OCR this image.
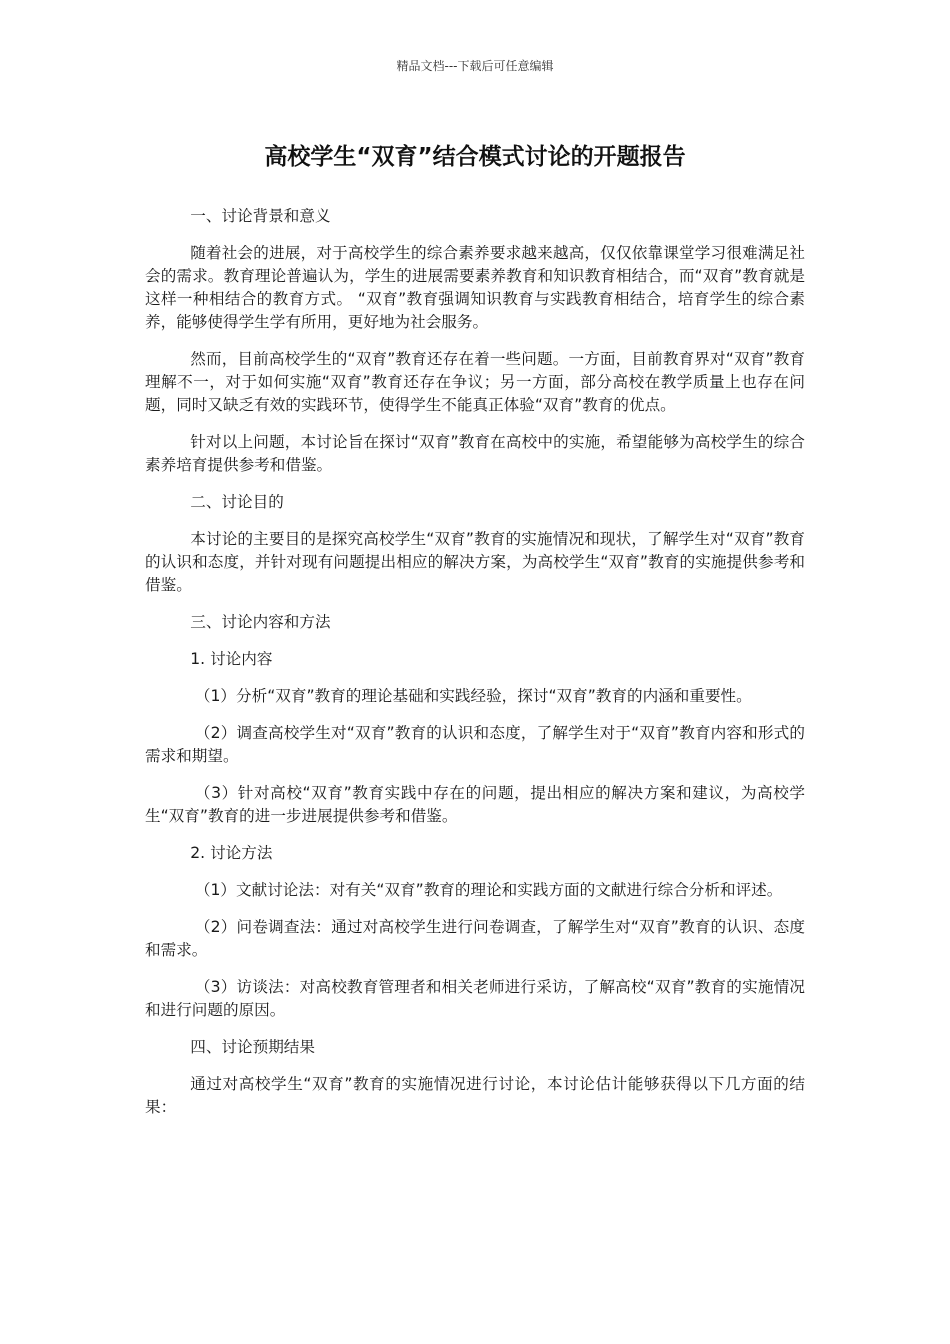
精品文档---下载后可任意编辑
高校学生“双育”结合模式讨论的开题报告

一、讨论背景和意义

随着社会的进展，对于高校学生的综合素养要求越来越高，仅仅依靠课堂学习很难满足社会的需求。教育理论普遍认为，学生的进展需要素养教育和知识教育相结合，而“双育”教育就是这样一种相结合的教育方式。 “双育”教育强调知识教育与实践教育相结合，培育学生的综合素养，能够使得学生学有所用，更好地为社会服务。

然而，目前高校学生的“双育”教育还存在着一些问题。一方面，目前教育界对“双育”教育理解不一，对于如何实施“双育”教育还存在争议；另一方面，部分高校在教学质量上也存在问题，同时又缺乏有效的实践环节，使得学生不能真正体验“双育”教育的优点。

针对以上问题，本讨论旨在探讨“双育”教育在高校中的实施，希望能够为高校学生的综合素养培育提供参考和借鉴。

二、讨论目的

本讨论的主要目的是探究高校学生“双育”教育的实施情况和现状，了解学生对“双育”教育的认识和态度，并针对现有问题提出相应的解决方案，为高校学生“双育”教育的实施提供参考和借鉴。

三、讨论内容和方法

1. 讨论内容

（1）分析“双育”教育的理论基础和实践经验，探讨“双育”教育的内涵和重要性。

（2）调查高校学生对“双育”教育的认识和态度，了解学生对于“双育”教育内容和形式的需求和期望。

（3）针对高校“双育”教育实践中存在的问题，提出相应的解决方案和建议，为高校学生“双育”教育的进一步进展提供参考和借鉴。

2. 讨论方法

（1）文献讨论法：对有关“双育”教育的理论和实践方面的文献进行综合分析和评述。

（2）问卷调查法：通过对高校学生进行问卷调查，了解学生对“双育”教育的认识、态度和需求。

（3）访谈法：对高校教育管理者和相关老师进行采访，了解高校“双育”教育的实施情况和进行问题的原因。

四、讨论预期结果

通过对高校学生“双育”教育的实施情况进行讨论，本讨论估计能够获得以下几方面的结果：
